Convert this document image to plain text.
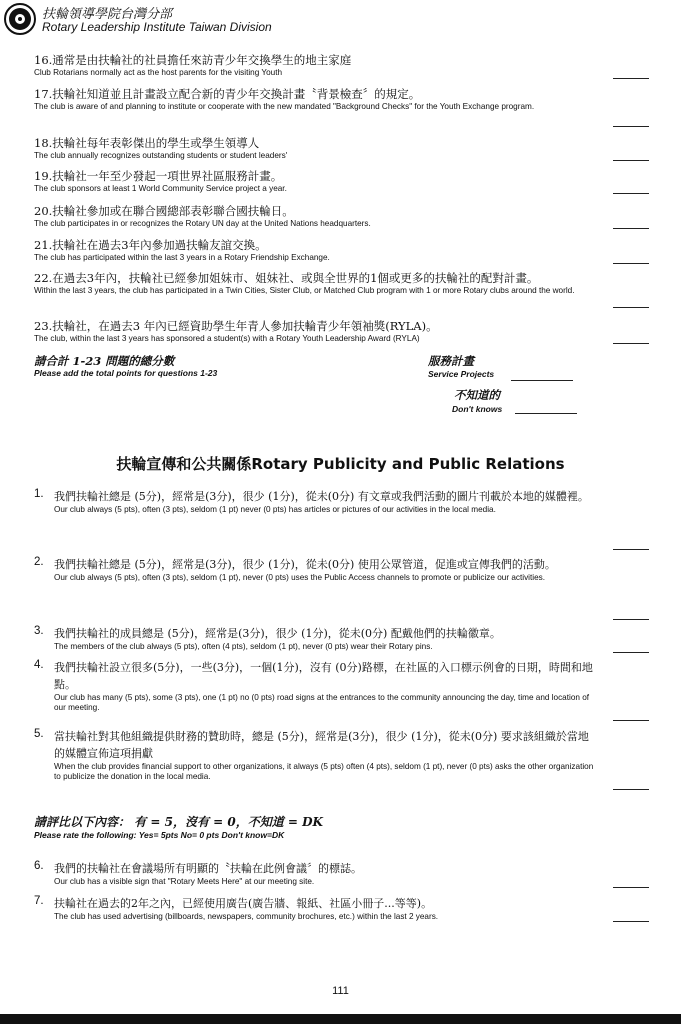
扶輪領導學院台灣分部
Rotary Leadership Institute Taiwan Division
16.通常是由扶輪社的社員擔任來訪青少年交換學生的地主家庭
Club Rotarians normally act as the host parents for the visiting Youth
17.扶輪社知道並且計畫設立配合新的青少年交換計畫〝背景檢查〞的規定。
The club is aware of and planning to institute or cooperate with the new mandated "Background Checks" for the Youth Exchange program.
18.扶輪社每年表彰傑出的學生或學生領導人
The club annually recognizes outstanding students or student leaders'
19.扶輪社一年至少發起一項世界社區服務計畫。
The club sponsors at least 1 World Community Service project a year.
20.扶輪社參加或在聯合國總部表彰聯合國扶輪日。
The club participates in or recognizes the Rotary UN day at the United Nations headquarters.
21.扶輪社在過去3年內參加過扶輪友誼交換。
The club has participated within the last 3 years in a Rotary Friendship Exchange.
22.在過去3年內，扶輪社已經參加姐妹市、姐妹社、或與全世界的1個或更多的扶輪社的配對計畫。
Within the last 3 years, the club has participated in a Twin Cities, Sister Club, or Matched Club program with 1 or more Rotary clubs around the world.
23.扶輪社，在過去3 年內已經資助學生年青人參加扶輪青少年領袖獎(RYLA)。
The club, within the last 3 years has sponsored a student(s) with a Rotary Youth Leadership Award (RYLA)
請合計 1-23 問題的總分數
Please add the total points for questions 1-23
服務計畫
Service Projects
不知道的
Don't knows
扶輪宣傳和公共關係Rotary Publicity and Public Relations
1. 我們扶輪社總是 (5分)，經常是(3分)，很少 (1分)，從未(0分) 有文章或我們活動的圖片刊載於本地的媒體裡。
Our club always (5 pts), often (3 pts), seldom (1 pt) never (0 pts) has articles or pictures of our activities in the local media.
2. 我們扶輪社總是 (5分)，經常是(3分)，很少 (1分)，從未(0分) 使用公眾管道，促進或宣傳我們的活動。
Our club always (5 pts), often (3 pts), seldom (1 pt), never (0 pts) uses the Public Access channels to promote or publicize our activities.
3. 我們扶輪社的成員總是 (5分)，經常是(3分)，很少 (1分)，從未(0分) 配戴他們的扶輪徽章。
The members of the club always (5 pts), often (4 pts), seldom (1 pt), never (0 pts) wear their Rotary pins.
4. 我們扶輪社設立很多(5分)，一些(3分)，一個(1分)，沒有 (0分)路標，在社區的入口標示例會的日期，時間和地點。
Our club has many (5 pts), some (3 pts), one (1 pt) no (0 pts) road signs at the entrances to the community announcing the day, time and location of our meeting.
5. 當扶輪社對其他組織提供財務的贊助時，總是 (5分)，經常是(3分)，很少 (1分)，從未(0分) 要求該組織於當地的媒體宣佈這項捐獻
When the club provides financial support to other organizations, it always (5 pts) often (4 pts), seldom (1 pt), never (0 pts) asks the other organization to publicize the donation in the local media.
請評比以下內容： 有 = 5，沒有 = 0，不知道 = DK
Please rate the following: Yes= 5pts No= 0 pts Don't know=DK
6. 我們的扶輪社在會議場所有明顯的〝扶輪在此例會議〞的標誌。
Our club has a visible sign that "Rotary Meets Here" at our meeting site.
7. 扶輪社在過去的2年之內，已經使用廣告(廣告牆、報紙、社區小冊子...等等)。
The club has used advertising (billboards, newspapers, community brochures, etc.) within the last 2 years.
111
